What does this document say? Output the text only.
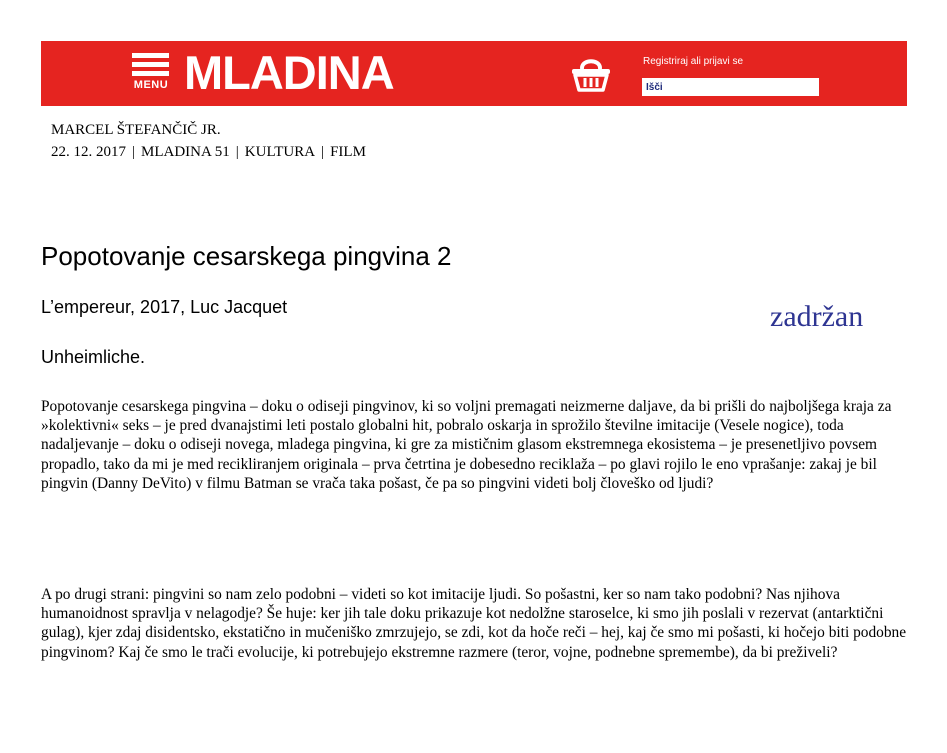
MENU MLADINA	Registriraj ali prijavi se
Išči
MARCEL ŠTEFANČIČ JR.
22. 12. 2017 | MLADINA 51 | KULTURA | FILM
Popotovanje cesarskega pingvina 2
L’empereur, 2017, Luc Jacquet	zadržan
Unheimliche.

Popotovanje cesarskega pingvina – doku o odiseji pingvinov, ki so voljni premagati neizmerne daljave, da bi prišli do najboljšega kraja za »kolektivni« seks – je pred dvanajstimi leti postalo globalni hit, pobralo oskarja in sprožilo številne imitacije (Vesele nogice), toda nadaljevanje – doku o odiseji novega, mladega pingvina, ki gre za mističnim glasom ekstremnega ekosistema – je presenetljivo povsem propadlo, tako da mi je med recikliranjem originala – prva četrtina je dobesedno reciklaža – po glavi rojilo le eno vprašanje: zakaj je bil pingvin (Danny DeVito) v filmu Batman se vrača taka pošast, če pa so pingvini videti bolj človeško od ljudi?

A po drugi strani: pingvini so nam zelo podobni – videti so kot imitacije ljudi. So pošastni, ker so nam tako podobni? Nas njihova humanoidnost spravlja v nelagodje? Še huje: ker jih tale doku prikazuje kot nedolžne staroselce, ki smo jih poslali v rezervat (antarktični gulag), kjer zdaj disidentsko, ekstatično in mučeniško zmrzujejo, se zdi, kot da hoče reči – hej, kaj če smo mi pošasti, ki hočejo biti podobne pingvinom? Kaj če smo le trači evolucije, ki potrebujejo ekstremne razmere (teror, vojne, podnebne spremembe), da bi preživeli?
